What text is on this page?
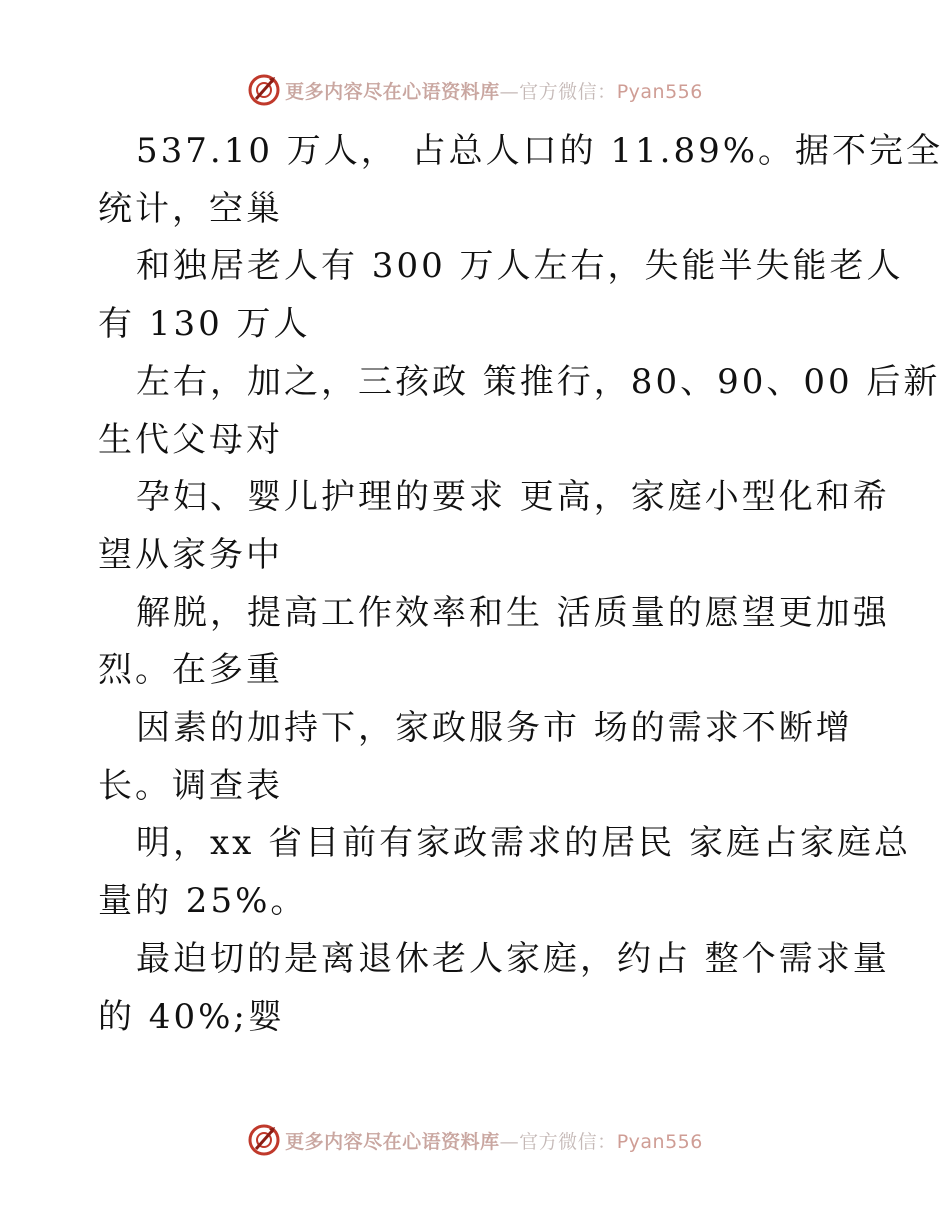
更多内容尽在心语资料库—官方微信：Pyan556
537.10 万人， 占总人口的 11.89%。据不完全
统计，空巢
和独居老人有 300 万人左右，失能半失能老人
有 130 万人
左右，加之，三孩政 策推行，80、90、00 后新
生代父母对
孕妇、婴儿护理的要求 更高，家庭小型化和希
望从家务中
解脱，提高工作效率和生 活质量的愿望更加强
烈。在多重
因素的加持下，家政服务市 场的需求不断增
长。调查表
明，xx 省目前有家政需求的居民 家庭占家庭总
量的 25%。
最迫切的是离退休老人家庭，约占 整个需求量
的 40%;婴
更多内容尽在心语资料库—官方微信：Pyan556
